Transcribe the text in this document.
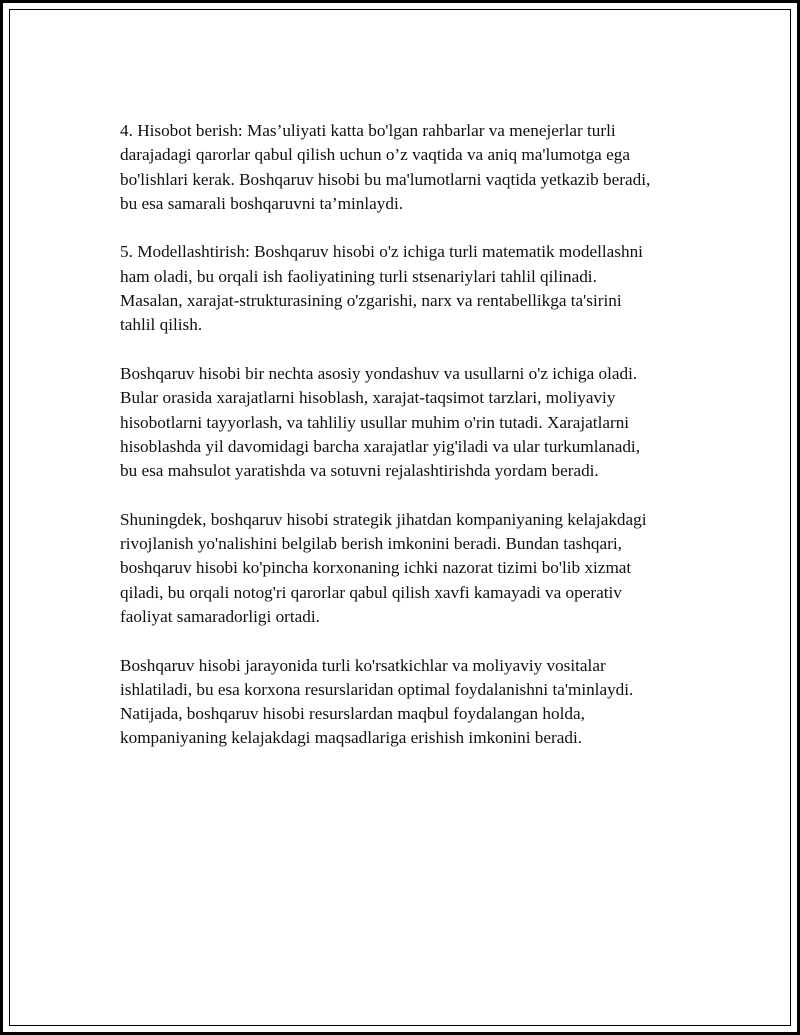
4. Hisobot berish: Mas’uliyati katta bo'lgan rahbarlar va menejerlar turli
darajadagi qarorlar qabul qilish uchun o’z vaqtida va aniq ma'lumotga ega
bo'lishlari kerak. Boshqaruv hisobi bu ma'lumotlarni vaqtida yetkazib beradi,
bu esa samarali boshqaruvni ta’minlaydi.

5. Modellashtirish: Boshqaruv hisobi o'z ichiga turli matematik modellashni
ham oladi, bu orqali ish faoliyatining turli stsenariylari tahlil qilinadi.
Masalan, xarajat-strukturasining o'zgarishi, narx va rentabellikga ta'sirini
tahlil qilish.

Boshqaruv hisobi bir nechta asosiy yondashuv va usullarni o'z ichiga oladi.
Bular orasida xarajatlarni hisoblash, xarajat-taqsimot tarzlari, moliyaviy
hisobotlarni tayyorlash, va tahliliy usullar muhim o'rin tutadi. Xarajatlarni
hisoblashda yil davomidagi barcha xarajatlar yig'iladi va ular turkumlanadi,
bu esa mahsulot yaratishda va sotuvni rejalashtirishda yordam beradi.

Shuningdek, boshqaruv hisobi strategik jihatdan kompaniyaning kelajakdagi
rivojlanish yo'nalishini belgilab berish imkonini beradi. Bundan tashqari,
boshqaruv hisobi ko'pincha korxonaning ichki nazorat tizimi bo'lib xizmat
qiladi, bu orqali notog'ri qarorlar qabul qilish xavfi kamayadi va operativ
faoliyat samaradorligi ortadi.

Boshqaruv hisobi jarayonida turli ko'rsatkichlar va moliyaviy vositalar
ishlatiladi, bu esa korxona resurslaridan optimal foydalanishni ta'minlaydi.
Natijada, boshqaruv hisobi resurslardan maqbul foydalangan holda,
kompaniyaning kelajakdagi maqsadlariga erishish imkonini beradi.
